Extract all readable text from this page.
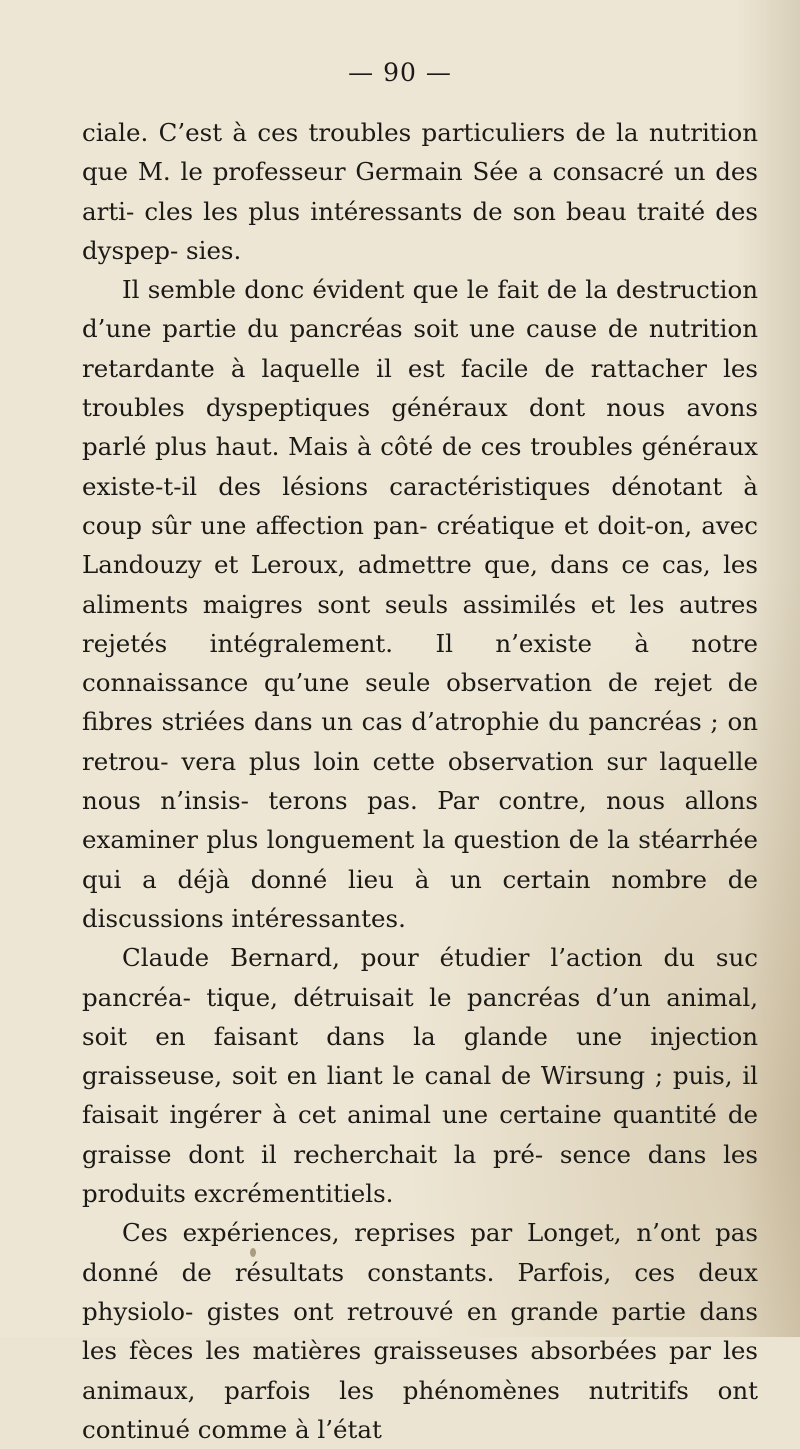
— 90 —

ciale. C’est à ces troubles particuliers de la nutrition que M. le professeur Germain Sée a consacré un des arti- cles les plus intéressants de son beau traité des dyspep- sies.

Il semble donc évident que le fait de la destruction d’une partie du pancréas soit une cause de nutrition retardante à laquelle il est facile de rattacher les troubles dyspeptiques généraux dont nous avons parlé plus haut. Mais à côté de ces troubles généraux existe-t-il des lésions caractéristiques dénotant à coup sûr une affection pan- créatique et doit-on, avec Landouzy et Leroux, admettre que, dans ce cas, les aliments maigres sont seuls assimilés et les autres rejetés intégralement. Il n’existe à notre connaissance qu’une seule observation de rejet de fibres striées dans un cas d’atrophie du pancréas ; on retrou- vera plus loin cette observation sur laquelle nous n’insis- terons pas. Par contre, nous allons examiner plus longuement la question de la stéarrhée qui a déjà donné lieu à un certain nombre de discussions intéressantes.

Claude Bernard, pour étudier l’action du suc pancréa- tique, détruisait le pancréas d’un animal, soit en faisant dans la glande une injection graisseuse, soit en liant le canal de Wirsung ; puis, il faisait ingérer à cet animal une certaine quantité de graisse dont il recherchait la pré- sence dans les produits excrémentitiels.

Ces expériences, reprises par Longet, n’ont pas donné de résultats constants. Parfois, ces deux physiolo- gistes ont retrouvé en grande partie dans les fèces les matières graisseuses absorbées par les animaux, parfois les phénomènes nutritifs ont continué comme à l’état
